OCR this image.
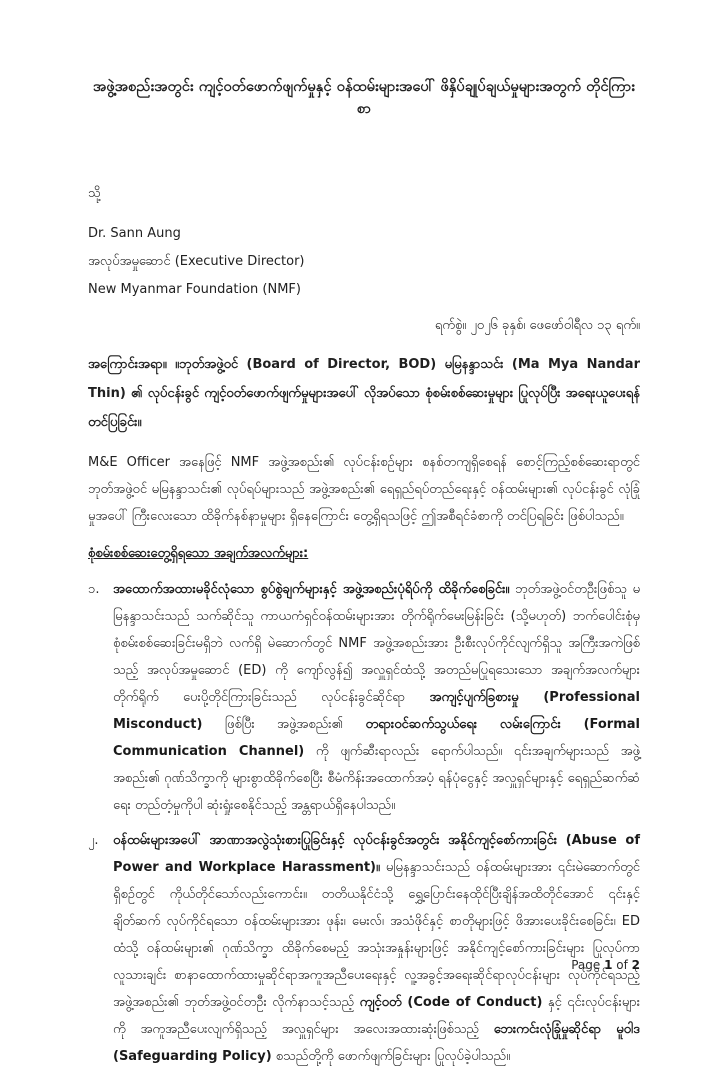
အဖွဲ့အစည်းအတွင်း ကျင့်ဝတ်ဖောက်ဖျက်မှုနှင့် ဝန်ထမ်းများအပေါ် ဖိနှိပ်ချုပ်ချယ်မှုများအတွက် တိုင်ကြားစာ
သို့
Dr. Sann Aung
အလုပ်အမှုဆောင် (Executive Director)
New Myanmar Foundation (NMF)
ရက်စွဲ။ ၂၀၂၆ ခုနှစ်၊ ဖေဖော်ဝါရီလ ၁၃ ရက်။

အကြောင်းအရာ။ ။ဘုတ်အဖွဲ့ဝင် (Board of Director, BOD) မမြနန္ဒာသင်း (Ma Mya Nandar Thin) ၏ လုပ်ငန်းခွင် ကျင့်ဝတ်ဖောက်ဖျက်မှုများအပေါ် လိုအပ်သော စုံစမ်းစစ်ဆေးမှုများ ပြုလုပ်ပြီး အရေးယူပေးရန် တင်ပြခြင်း။

M&E Officer အနေဖြင့် NMF အဖွဲ့အစည်း၏ လုပ်ငန်းစဉ်များ စနစ်တကျရှိစေရန် စောင့်ကြည့်စစ်ဆေးရာတွင် ဘုတ်အဖွဲ့ဝင် မမြနန္ဒာသင်း၏ လုပ်ရပ်များသည် အဖွဲ့အစည်း၏ ရေရှည်ရပ်တည်ရေးနှင့် ဝန်ထမ်းများ၏ လုပ်ငန်းခွင် လုံခြုံမှုအပေါ် ကြီးလေးသော ထိခိုက်နစ်နာမှုများ ရှိနေကြောင်း တွေ့ရှိရသဖြင့် ဤအစီရင်ခံစာကို တင်ပြရခြင်း ဖြစ်ပါသည်။

စုံစမ်းစစ်ဆေးတွေ့ရှိရသော အချက်အလက်များ:
၁. အထောက်အထားမခိုင်လုံသော စွပ်စွဲချက်များနှင့် အဖွဲ့အစည်းပုံရိပ်ကို ထိခိုက်စေခြင်း။ ဘုတ်အဖွဲ့ဝင်တဦးဖြစ်သူ မမြနန္ဒာသင်းသည် သက်ဆိုင်သူ ကာယကံရှင်ဝန်ထမ်းများအား တိုက်ရိုက်မေးမြန်းခြင်း (သို့မဟုတ်) ဘက်ပေါင်းစုံမှ စုံစမ်းစစ်ဆေးခြင်းမရှိဘဲ လက်ရှိ မဲဆောက်တွင် NMF အဖွဲ့အစည်းအား ဦးစီးလုပ်ကိုင်လျက်ရှိသူ အကြီးအကဲဖြစ်သည့် အလုပ်အမှုဆောင် (ED) ကို ကျော်လွန်၍ အလှူရှင်ထံသို့ အတည်မပြုရသေးသော အချက်အလက်များ တိုက်ရိုက် ပေးပို့တိုင်ကြားခြင်းသည် လုပ်ငန်းခွင်ဆိုင်ရာ အကျင့်ပျက်ခြစားမှု (Professional Misconduct) ဖြစ်ပြီး အဖွဲ့အစည်း၏ တရားဝင်ဆက်သွယ်ရေး လမ်းကြောင်း (Formal Communication Channel) ကို ဖျက်ဆီးရာလည်း ရောက်ပါသည်။ ၎င်းအချက်များသည် အဖွဲ့အစည်း၏ ဂုဏ်သိက္ခာကို များစွာထိခိုက်စေပြီး စီမံကိန်းအထောက်အပံ့ ရန်ပုံငွေနှင့် အလှူရှင်များနှင့် ရေရှည်ဆက်ဆံရေး တည်တံ့မှုကိုပါ ဆုံးရှုံးစေနိုင်သည့် အန္တရာယ်ရှိနေပါသည်။
၂. ဝန်ထမ်းများအပေါ် အာဏာအလွဲသုံးစားပြုခြင်းနှင့် လုပ်ငန်းခွင်အတွင်း အနိုင်ကျင့်စော်ကားခြင်း (Abuse of Power and Workplace Harassment)။ မမြနန္ဒာသင်းသည် ဝန်ထမ်းများအား ၎င်းမဲဆောက်တွင် ရှိစဉ်တွင် ကိုယ်တိုင်သော်လည်းကောင်း။ တတိယနိုင်ငံသို့ ရွှေ့ပြောင်းနေထိုင်ပြီးချိန်အထိတိုင်အောင် ၎င်းနှင့် ချိတ်ဆက် လုပ်ကိုင်ရသော ဝန်ထမ်းများအား ဖုန်း၊ မေးလ်၊ အသံဖိုင်နှင့် စာတိုများဖြင့် ဖိအားပေးခိုင်းစေခြင်း၊ ED ထံသို့ ဝန်ထမ်းများ၏ ဂုဏ်သိက္ခာ ထိခိုက်စေမည့် အသုံးအနှုန်းများဖြင့် အနိုင်ကျင့်စော်ကားခြင်းများ ပြုလုပ်ကာ လူသားချင်း စာနာထောက်ထားမှုဆိုင်ရာအကူအညီပေးရေးနှင့် လူ့အခွင့်အရေးဆိုင်ရာလုပ်ငန်းများ လုပ်ကိုင်ရသည့် အဖွဲ့အစည်း၏ ဘုတ်အဖွဲ့ဝင်တဦး လိုက်နာသင့်သည့် ကျင့်ဝတ် (Code of Conduct) နှင့် ၎င်းလုပ်ငန်းများကို အကူအညီပေးလျက်ရှိသည့် အလှူရှင်များ အလေးအထားဆုံးဖြစ်သည့် ဘေးကင်းလုံခြုံမှုဆိုင်ရာ မူဝါဒ (Safeguarding Policy) စသည်တို့ကို ဖောက်ဖျက်ခြင်းများ ပြုလုပ်ခဲ့ပါသည်။
Page 1 of 2
